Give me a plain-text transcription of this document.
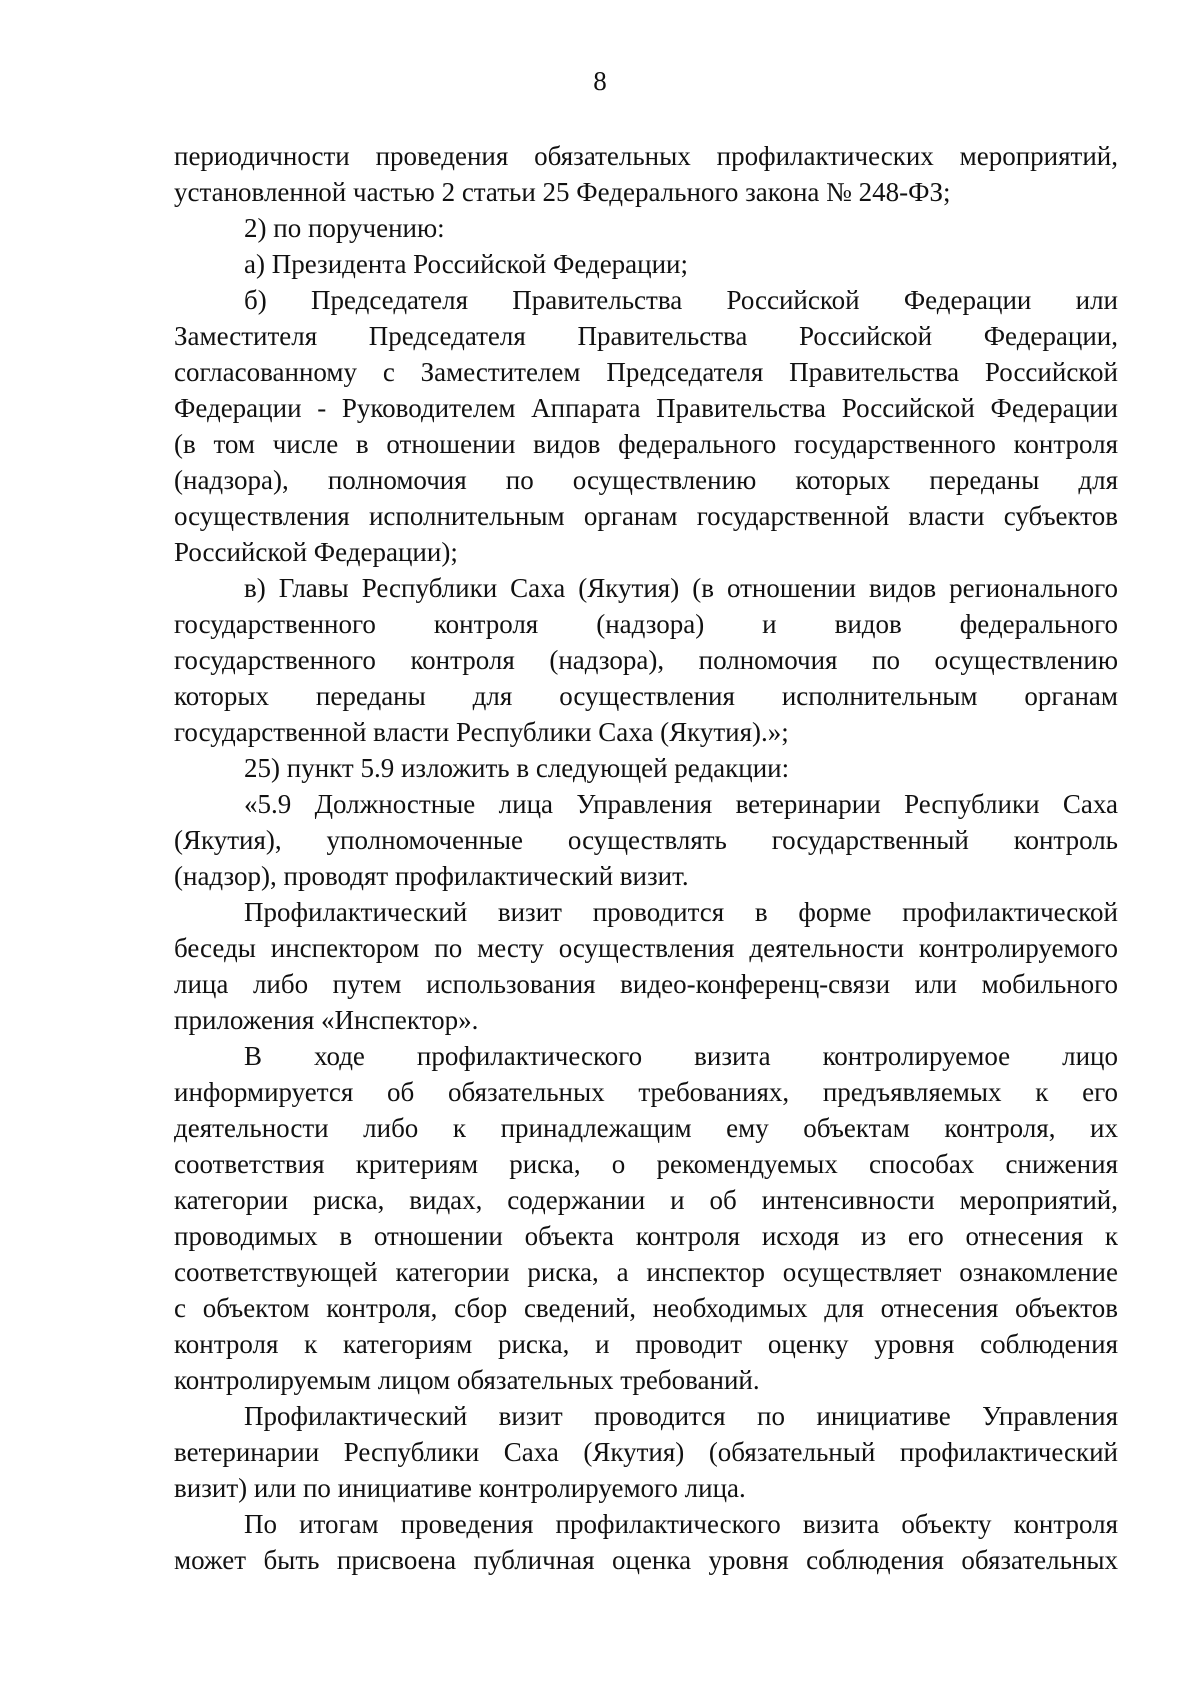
8
периодичности проведения обязательных профилактических мероприятий,
установленной частью 2 статьи 25 Федерального закона № 248-ФЗ;
2) по поручению:
а) Президента Российской Федерации;
б) Председателя Правительства Российской Федерации или
Заместителя Председателя Правительства Российской Федерации,
согласованному с Заместителем Председателя Правительства Российской
Федерации - Руководителем Аппарата Правительства Российской Федерации
(в том числе в отношении видов федерального государственного контроля
(надзора), полномочия по осуществлению которых переданы для
осуществления исполнительным органам государственной власти субъектов
Российской Федерации);
в) Главы Республики Саха (Якутия) (в отношении видов регионального
государственного контроля (надзора) и видов федерального
государственного контроля (надзора), полномочия по осуществлению
которых переданы для осуществления исполнительным органам
государственной власти Республики Саха (Якутия).»;
25) пункт 5.9 изложить в следующей редакции:
«5.9 Должностные лица Управления ветеринарии Республики Саха
(Якутия), уполномоченные осуществлять государственный контроль
(надзор), проводят профилактический визит.
Профилактический визит проводится в форме профилактической
беседы инспектором по месту осуществления деятельности контролируемого
лица либо путем использования видео-конференц-связи или мобильного
приложения «Инспектор».
В ходе профилактического визита контролируемое лицо
информируется об обязательных требованиях, предъявляемых к его
деятельности либо к принадлежащим ему объектам контроля, их
соответствия критериям риска, о рекомендуемых способах снижения
категории риска, видах, содержании и об интенсивности мероприятий,
проводимых в отношении объекта контроля исходя из его отнесения к
соответствующей категории риска, а инспектор осуществляет ознакомление
с объектом контроля, сбор сведений, необходимых для отнесения объектов
контроля к категориям риска, и проводит оценку уровня соблюдения
контролируемым лицом обязательных требований.
Профилактический визит проводится по инициативе Управления
ветеринарии Республики Саха (Якутия) (обязательный профилактический
визит) или по инициативе контролируемого лица.
По итогам проведения профилактического визита объекту контроля
может быть присвоена публичная оценка уровня соблюдения обязательных
